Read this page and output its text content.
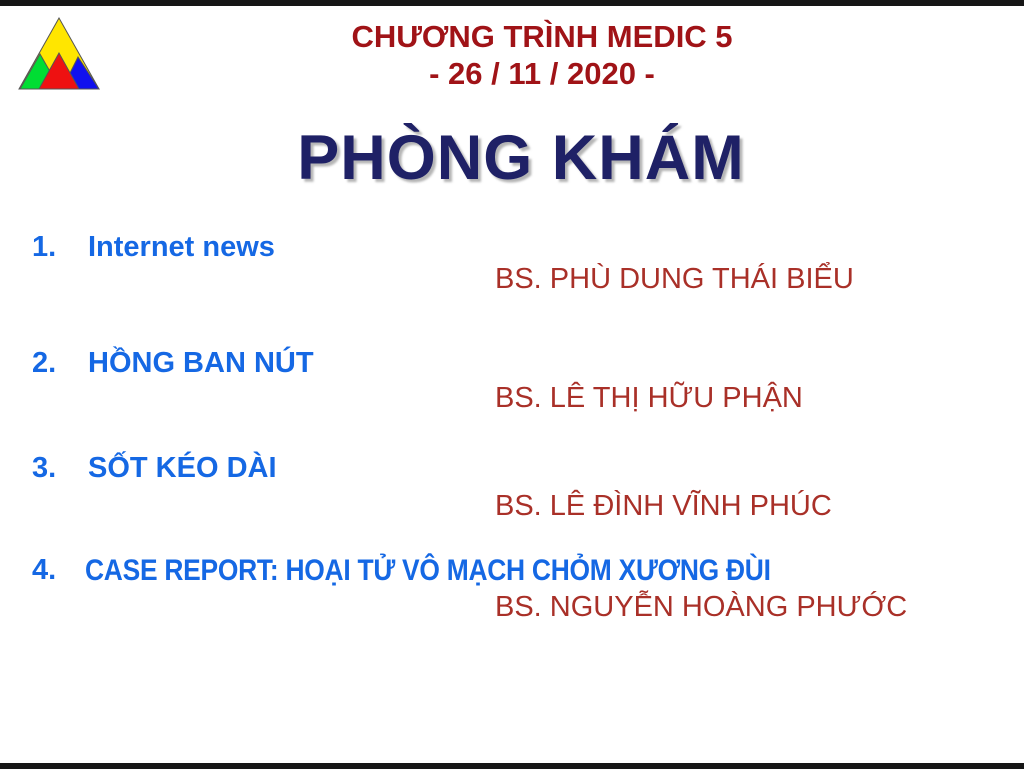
CHƯƠNG TRÌNH MEDIC 5
- 26 / 11 / 2020 -
PHÒNG KHÁM
1.	Internet news
BS. PHÙ DUNG THÁI BIỂU
2.	HỒNG BAN NÚT
BS. LÊ THỊ HỮU PHẬN
3.	SỐT KÉO DÀI
BS. LÊ ĐÌNH VĨNH PHÚC
4. CASE REPORT: HOẠI TỬ VÔ MẠCH CHỎM XƯƠNG ĐÙI
BS. NGUYỄN HOÀNG PHƯỚC
